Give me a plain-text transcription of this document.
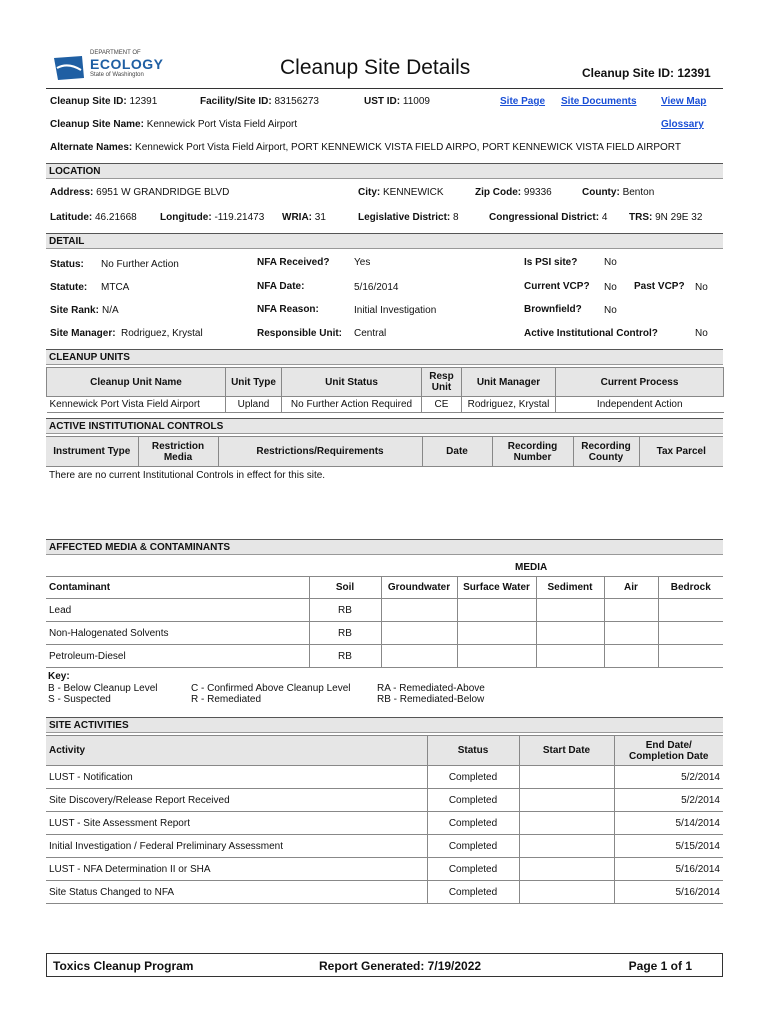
DEPARTMENT OF
ECOLOGY
State of Washington	Cleanup Site Details	Cleanup Site ID: 12391
Cleanup Site ID: 12391	Facility/Site ID: 83156273	UST ID: 11009	Site Page Site Documents View Map
Cleanup Site Name: Kennewick Port Vista Field Airport	Glossary
Alternate Names: Kennewick Port Vista Field Airport, PORT KENNEWICK VISTA FIELD AIRPO, PORT KENNEWICK VISTA FIELD AIRPORT
LOCATION
Address: 6951 W GRANDRIDGE BLVD	City: KENNEWICK	Zip Code: 99336	County: Benton
Latitude: 46.21668 Longitude: -119.21473 WRIA: 31	Legislative District: 8	Congressional District: 4 TRS: 9N 29E 32
DETAIL
Status: No Further Action	NFA Received? Yes	Is PSI site?	No
Statute: MTCA	NFA Date:	5/16/2014	Current VCP? No Past VCP? No
Site Rank: N/A	NFA Reason:	Initial Investigation	Brownfield? No
Site Manager: Rodriguez, Krystal	Responsible Unit: Central	Active Institutional Control?	No
CLEANUP UNITS
Cleanup Unit Name	Unit Type	Unit Status	Resp Unit	Unit Manager	Current Process
Kennewick Port Vista Field Airport	Upland	No Further Action Required	CE	Rodriguez, Krystal	Independent Action
ACTIVE INSTITUTIONAL CONTROLS
Instrument Type	Restriction Media	Restrictions/Requirements	Date	Recording Number	Recording County	Tax Parcel
There are no current Institutional Controls in effect for this site.
AFFECTED MEDIA & CONTAMINANTS
MEDIA
Contaminant	Soil	Groundwater	Surface Water	Sediment	Air	Bedrock
Lead	RB					
Non-Halogenated Solvents	RB					
Petroleum-Diesel	RB					
Key:
B - Below Cleanup Level
S - Suspected
C - Confirmed Above Cleanup Level
R - Remediated
RA - Remediated-Above
RB - Remediated-Below
SITE ACTIVITIES
Activity	Status	Start Date	End Date/ Completion Date
LUST - Notification	Completed		5/2/2014
Site Discovery/Release Report Received	Completed		5/2/2014
LUST - Site Assessment Report	Completed		5/14/2014
Initial Investigation / Federal Preliminary Assessment	Completed		5/15/2014
LUST - NFA Determination II or SHA	Completed		5/16/2014
Site Status Changed to NFA	Completed		5/16/2014
Toxics Cleanup Program	Report Generated: 7/19/2022	Page 1 of 1
